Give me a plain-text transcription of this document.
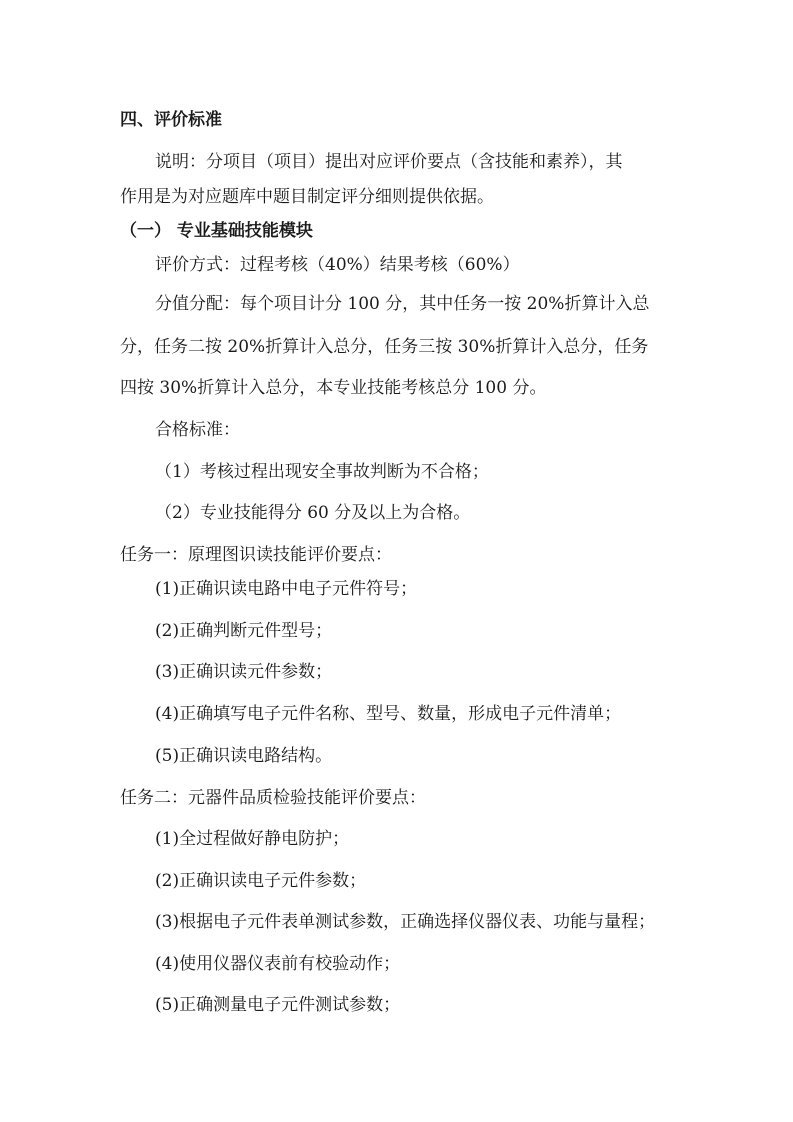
四、评价标准
说明：分项目（项目）提出对应评价要点（含技能和素养），其
作用是为对应题库中题目制定评分细则提供依据。
（一） 专业基础技能模块
评价方式：过程考核（40%）结果考核（60%）
分值分配：每个项目计分 100 分，其中任务一按 20%折算计入总
分，任务二按 20%折算计入总分，任务三按 30%折算计入总分，任务
四按 30%折算计入总分，本专业技能考核总分 100 分。
合格标准：
（1）考核过程出现安全事故判断为不合格；
（2）专业技能得分 60 分及以上为合格。
任务一：原理图识读技能评价要点：
(1)正确识读电路中电子元件符号；
(2)正确判断元件型号；
(3)正确识读元件参数；
(4)正确填写电子元件名称、型号、数量，形成电子元件清单；
(5)正确识读电路结构。
任务二：元器件品质检验技能评价要点：
(1)全过程做好静电防护；
(2)正确识读电子元件参数；
(3)根据电子元件表单测试参数，正确选择仪器仪表、功能与量程；
(4)使用仪器仪表前有校验动作；
(5)正确测量电子元件测试参数；
